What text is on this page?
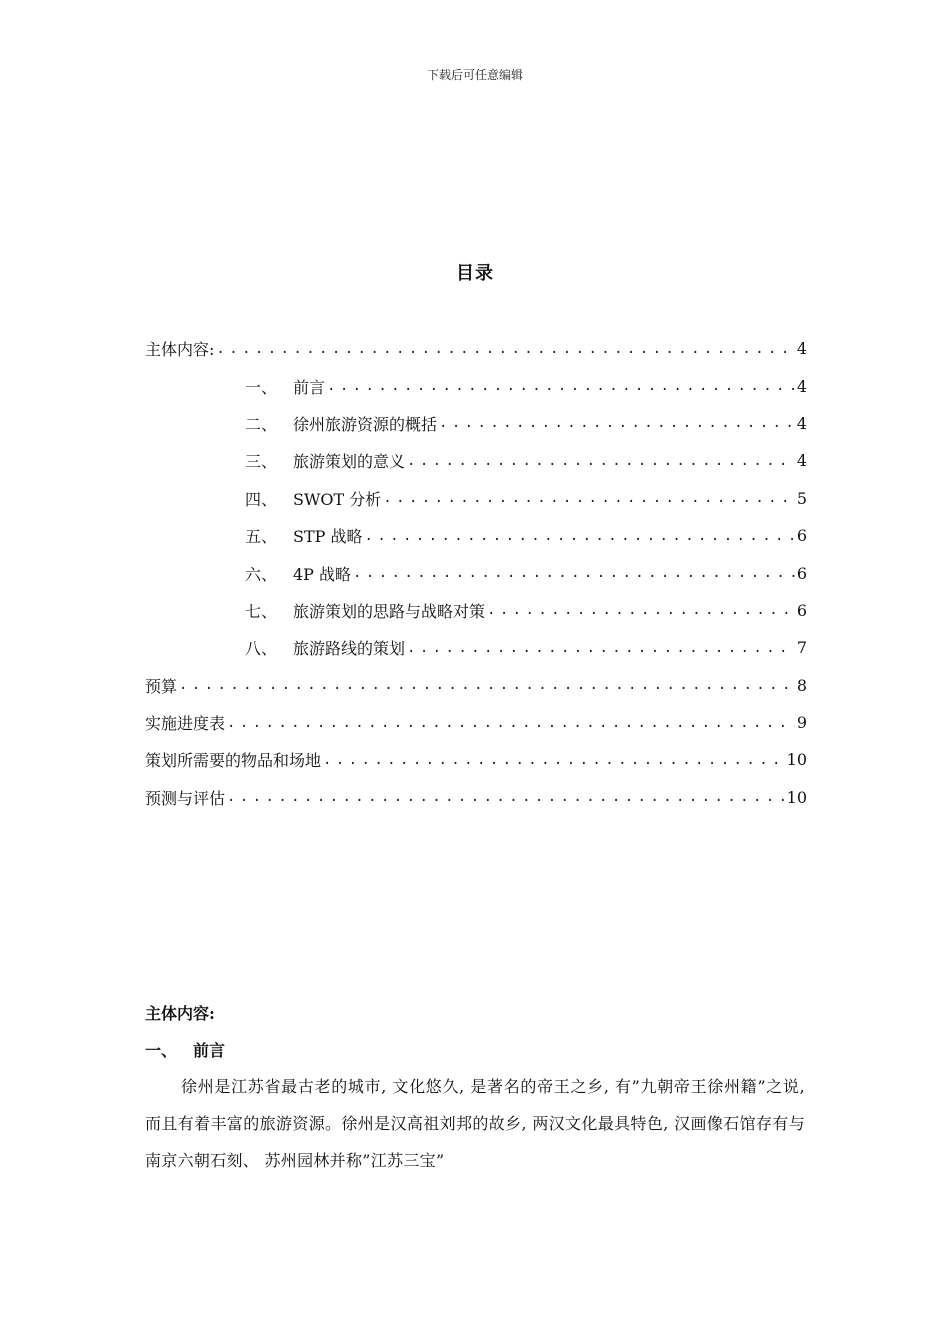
下载后可任意编辑
目录
主体内容: .....	4
一、 前言 .....	4
二、 徐州旅游资源的概括 .....	4
三、 旅游策划的意义 .....	4
四、 SWOT 分析 .....	5
五、 STP 战略 .....	6
六、 4P 战略 .....	6
七、 旅游策划的思路与战略对策 .....	6
八、 旅游路线的策划 .....	7
预算 .....	8
实施进度表 .....	9
策划所需要的物品和场地 .....	10
预测与评估 .....	10
主体内容:
一、 前言
徐州是江苏省最古老的城市, 文化悠久, 是著名的帝王之乡, 有”九朝帝王徐州籍”之说, 而且有着丰富的旅游资源。徐州是汉高祖刘邦的故乡, 两汉文化最具特色, 汉画像石馆存有与南京六朝石刻、 苏州园林并称”江苏三宝”
